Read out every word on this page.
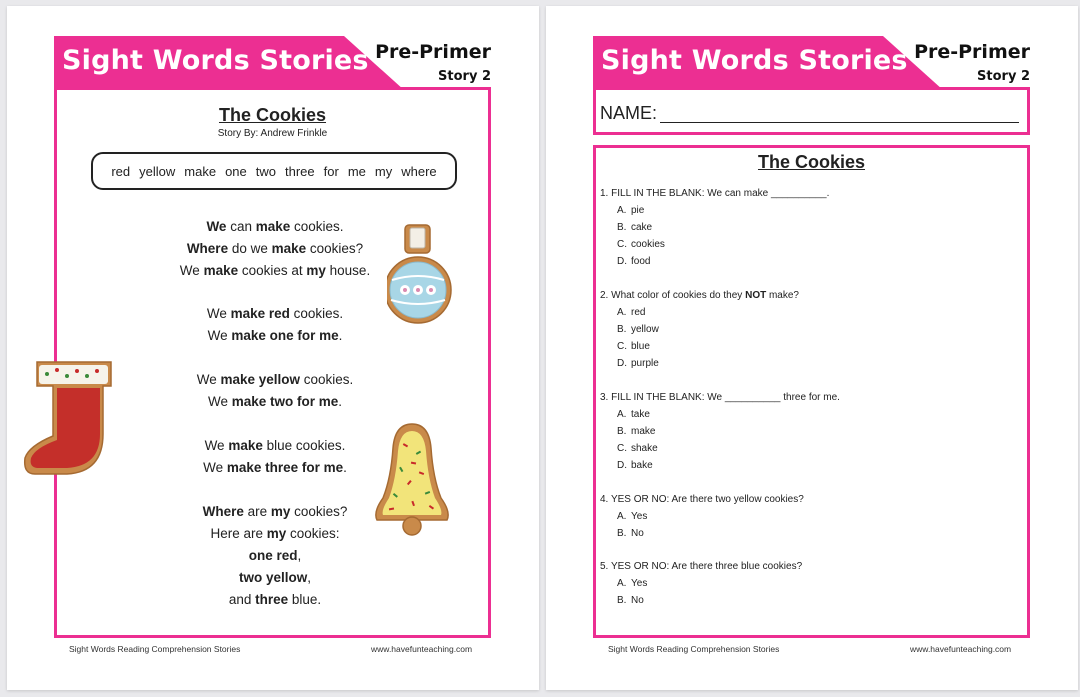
Sight Words Stories Pre-Primer
Story 2
The Cookies
Story By: Andrew Frinkle
red yellow make one two three for me my where
We can make cookies.
Where do we make cookies?
We make cookies at my house.
We make red cookies.
We make one for me.
We make yellow cookies.
We make two for me.
We make blue cookies.
We make three for me.
Where are my cookies?
Here are my cookies:
one red,
two yellow,
and three blue.
Sight Words Reading Comprehension Stories	www.havefunteaching.com
Sight Words Stories Pre-Primer
Story 2
NAME:
The Cookies
1. FILL IN THE BLANK: We can make __________.
A. pie
B. cake
C. cookies
D. food
2. What color of cookies do they NOT make?
A. red
B. yellow
C. blue
D. purple
3. FILL IN THE BLANK: We __________ three for me.
A. take
B. make
C. shake
D. bake
4. YES OR NO: Are there two yellow cookies?
A. Yes
B. No
5. YES OR NO: Are there three blue cookies?
A. Yes
B. No
Sight Words Reading Comprehension Stories	www.havefunteaching.com
